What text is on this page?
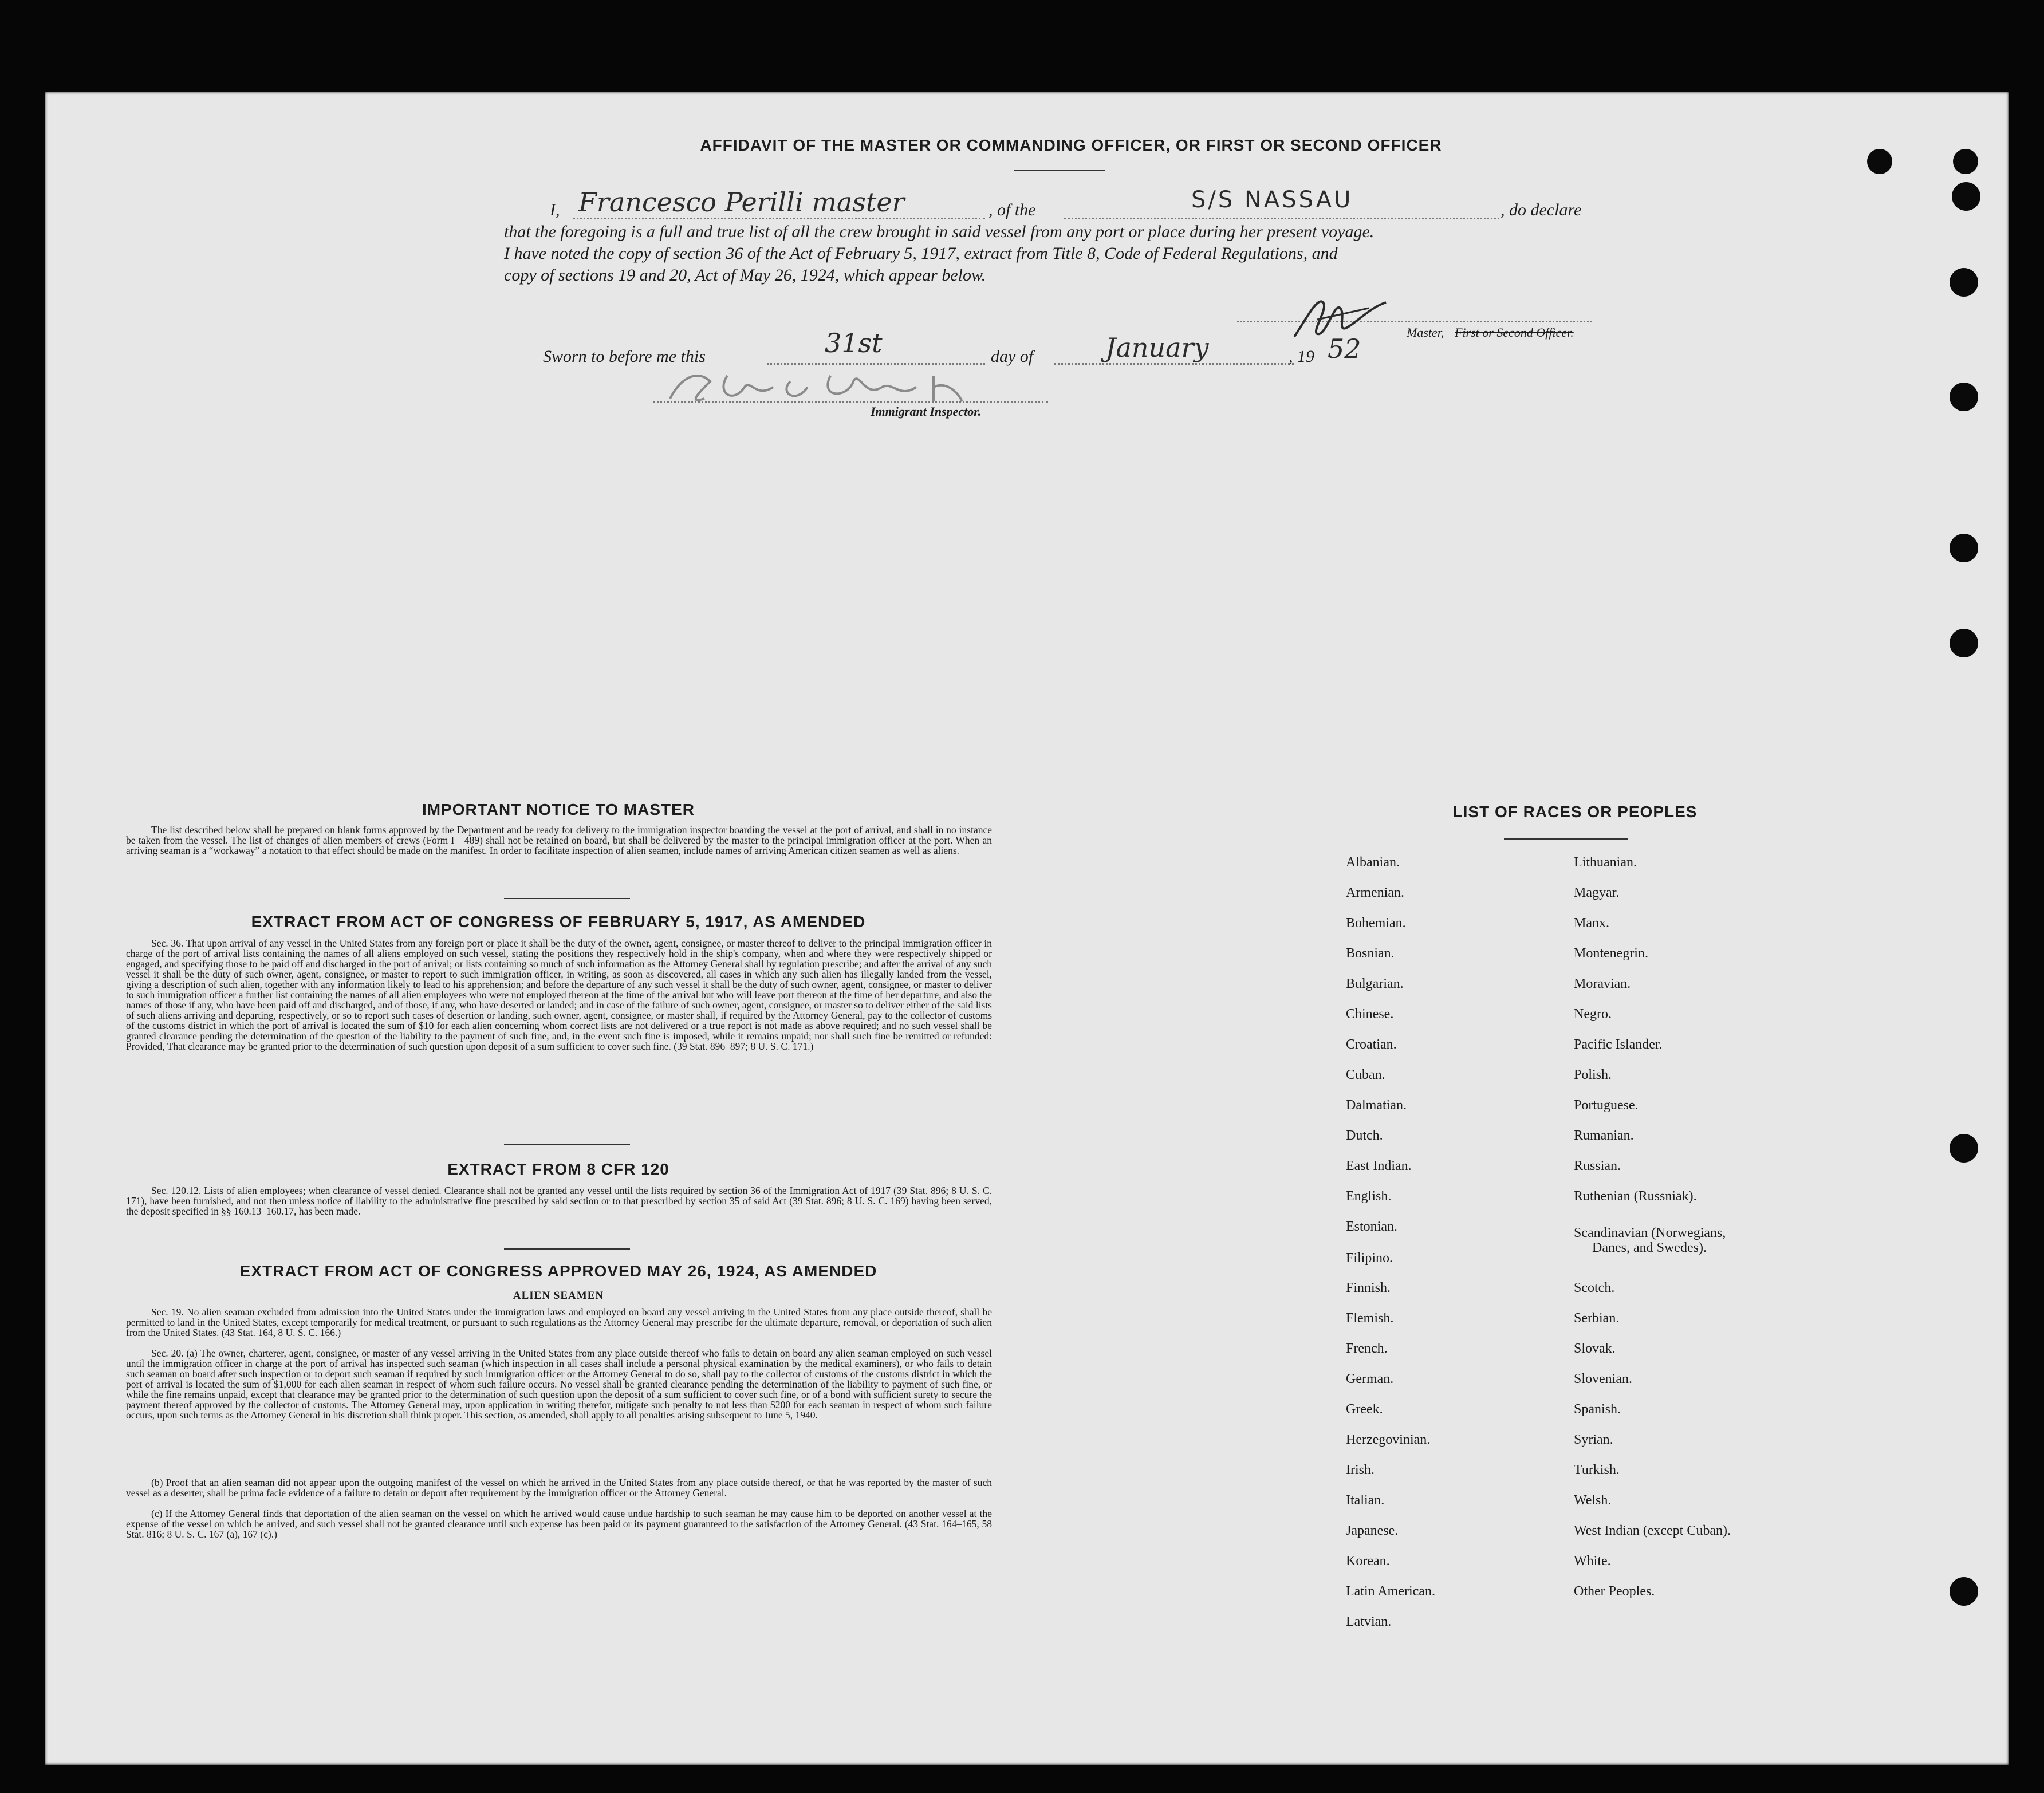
AFFIDAVIT OF THE MASTER OR COMMANDING OFFICER, OR FIRST OR SECOND OFFICER
I, Francesco Perilli master	, of the	S/S NASSAU	, do declare
that the foregoing is a full and true list of all the crew brought in said vessel from any port or place during her present voyage.
I have noted the copy of section 36 of the Act of February 5, 1917, extract from Title 8, Code of Federal Regulations, and
copy of sections 19 and 20, Act of May 26, 1924, which appear below.
Master, First or Second Officer.
Sworn to before me this	31st	day of	January	, 19 52
Immigrant Inspector.
IMPORTANT NOTICE TO MASTER
The list described below shall be prepared on blank forms approved by the Department and be ready for delivery to the immigration inspector boarding the vessel at the port of arrival, and shall in no instance be taken from the vessel. The list of changes of alien members of crews (Form I—489) shall not be retained on board, but shall be delivered by the master to the principal immigration officer at the port. When an arriving seaman is a “workaway” a notation to that effect should be made on the manifest. In order to facilitate inspection of alien seamen, include names of arriving American citizen seamen as well as aliens.
EXTRACT FROM ACT OF CONGRESS OF FEBRUARY 5, 1917, AS AMENDED
Sec. 36. That upon arrival of any vessel in the United States from any foreign port or place it shall be the duty of the owner, agent, consignee, or master thereof to deliver to the principal immigration officer in charge of the port of arrival lists containing the names of all aliens employed on such vessel, stating the positions they respectively hold in the ship's company, when and where they were respectively shipped or engaged, and specifying those to be paid off and discharged in the port of arrival; or lists containing so much of such information as the Attorney General shall by regulation prescribe; and after the arrival of any such vessel it shall be the duty of such owner, agent, consignee, or master to report to such immigration officer, in writing, as soon as discovered, all cases in which any such alien has illegally landed from the vessel, giving a description of such alien, together with any information likely to lead to his apprehension; and before the departure of any such vessel it shall be the duty of such owner, agent, consignee, or master to deliver to such immigration officer a further list containing the names of all alien employees who were not employed thereon at the time of the arrival but who will leave port thereon at the time of her departure, and also the names of those if any, who have been paid off and discharged, and of those, if any, who have deserted or landed; and in case of the failure of such owner, agent, consignee, or master so to deliver either of the said lists of such aliens arriving and departing, respectively, or so to report such cases of desertion or landing, such owner, agent, consignee, or master shall, if required by the Attorney General, pay to the collector of customs of the customs district in which the port of arrival is located the sum of $10 for each alien concerning whom correct lists are not delivered or a true report is not made as above required; and no such vessel shall be granted clearance pending the determination of the question of the liability to the payment of such fine, and, in the event such fine is imposed, while it remains unpaid; nor shall such fine be remitted or refunded: Provided, That clearance may be granted prior to the determination of such question upon deposit of a sum sufficient to cover such fine. (39 Stat. 896–897; 8 U. S. C. 171.)
EXTRACT FROM 8 CFR 120
Sec. 120.12. Lists of alien employees; when clearance of vessel denied. Clearance shall not be granted any vessel until the lists required by section 36 of the Immigration Act of 1917 (39 Stat. 896; 8 U. S. C. 171), have been furnished, and not then unless notice of liability to the administrative fine prescribed by said section or to that prescribed by section 35 of said Act (39 Stat. 896; 8 U. S. C. 169) having been served, the deposit specified in §§ 160.13–160.17, has been made.
EXTRACT FROM ACT OF CONGRESS APPROVED MAY 26, 1924, AS AMENDED
ALIEN SEAMEN
Sec. 19. No alien seaman excluded from admission into the United States under the immigration laws and employed on board any vessel arriving in the United States from any place outside thereof, shall be permitted to land in the United States, except temporarily for medical treatment, or pursuant to such regulations as the Attorney General may prescribe for the ultimate departure, removal, or deportation of such alien from the United States. (43 Stat. 164, 8 U. S. C. 166.)
Sec. 20. (a) The owner, charterer, agent, consignee, or master of any vessel arriving in the United States from any place outside thereof who fails to detain on board any alien seaman employed on such vessel until the immigration officer in charge at the port of arrival has inspected such seaman (which inspection in all cases shall include a personal physical examination by the medical examiners), or who fails to detain such seaman on board after such inspection or to deport such seaman if required by such immigration officer or the Attorney General to do so, shall pay to the collector of customs of the customs district in which the port of arrival is located the sum of $1,000 for each alien seaman in respect of whom such failure occurs. No vessel shall be granted clearance pending the determination of the liability to payment of such fine, or while the fine remains unpaid, except that clearance may be granted prior to the determination of such question upon the deposit of a sum sufficient to cover such fine, or of a bond with sufficient surety to secure the payment thereof approved by the collector of customs. The Attorney General may, upon application in writing therefor, mitigate such penalty to not less than $200 for each seaman in respect of whom such failure occurs, upon such terms as the Attorney General in his discretion shall think proper. This section, as amended, shall apply to all penalties arising subsequent to June 5, 1940.
(b) Proof that an alien seaman did not appear upon the outgoing manifest of the vessel on which he arrived in the United States from any place outside thereof, or that he was reported by the master of such vessel as a deserter, shall be prima facie evidence of a failure to detain or deport after requirement by the immigration officer or the Attorney General.
(c) If the Attorney General finds that deportation of the alien seaman on the vessel on which he arrived would cause undue hardship to such seaman he may cause him to be deported on another vessel at the expense of the vessel on which he arrived, and such vessel shall not be granted clearance until such expense has been paid or its payment guaranteed to the satisfaction of the Attorney General. (43 Stat. 164–165, 58 Stat. 816; 8 U. S. C. 167 (a), 167 (c).)
LIST OF RACES OR PEOPLES
Albanian.
Armenian.
Bohemian.
Bosnian.
Bulgarian.
Chinese.
Croatian.
Cuban.
Dalmatian.
Dutch.
East Indian.
English.
Estonian.
Filipino.
Finnish.
Flemish.
French.
German.
Greek.
Herzegovinian.
Irish.
Italian.
Japanese.
Korean.
Latin American.
Latvian.
Lithuanian.
Magyar.
Manx.
Montenegrin.
Moravian.
Negro.
Pacific Islander.
Polish.
Portuguese.
Rumanian.
Russian.
Ruthenian (Russniak).
Scandinavian (Norwegians,
Danes, and Swedes).
Scotch.
Serbian.
Slovak.
Slovenian.
Spanish.
Syrian.
Turkish.
Welsh.
West Indian (except Cuban).
White.
Other Peoples.
